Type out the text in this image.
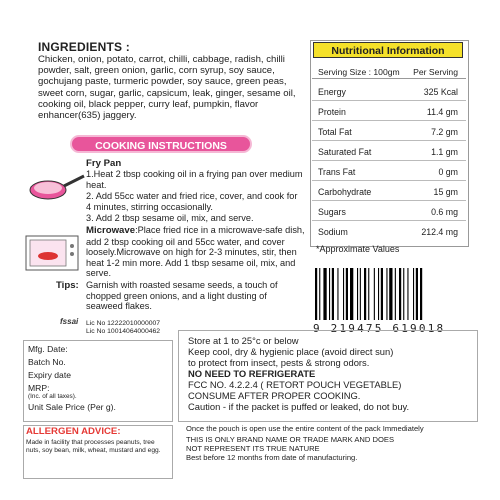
INGREDIENTS :
Chicken, onion, potato, carrot, chilli, cabbage, radish, chilli powder, salt, green onion, garlic, corn syrup, soy sauce, gochujang paste, turmeric powder, soy sauce, green peas, sweet corn, sugar, garlic, capsicum, leak, ginger, sesame oil, cooking oil, black pepper, curry leaf, pumpkin, flavor enhancer(635) jaggery.
COOKING INSTRUCTIONS
Fry Pan
1.Heat 2 tbsp cooking oil in a frying pan over medium heat.
2. Add 55cc water and fried rice, cover, and cook for 4 minutes, stirring occasionally.
3. Add 2 tbsp sesame oil, mix, and serve.
Microwave:Place fried rice in a microwave-safe dish, add 2 tbsp cooking oil and 55cc water, and cover loosely.Microwave on high for 2-3 minutes, stir, then heat 1-2 min more. Add 1 tbsp sesame oil, mix, and serve.
Tips: Garnish with roasted sesame seeds, a touch of chopped green onions, and a light dusting of seaweed flakes.
Nutritional Information
Serving Size : 100gm Per Serving
Energy	325 Kcal
Protein	11.4 gm
Total Fat	7.2 gm
Saturated Fat	1.1 gm
Trans Fat	0 gm
Carbohydrate	15 gm
Sugars	0.6 mg
Sodium	212.4 mg
*Approximate Values
9 219475 619018
fssai Lic No 12222010000007
Lic No 10014064000462
Mfg. Date:
Batch No.
Expiry date
MRP:
(Inc. of all taxes).
Unit Sale Price (Per g).
Store at 1 to 25°c or below
Keep cool, dry & hygienic place (avoid direct sun)
to protect from insect, pests & strong odors.
NO NEED TO REFRIGERATE
FCC NO. 4.2.2.4 ( RETORT POUCH VEGETABLE)
CONSUME AFTER PROPER COOKING.
Caution - if the packet is puffed or leaked, do not buy.
ALLERGEN ADVICE:
Made in facility that processes peanuts, tree nuts, soy bean, milk, wheat, mustard and egg.
Once the pouch is open use the entire content of the pack Immediately
THIS IS ONLY BRAND NAME OR TRADE MARK AND DOES
NOT REPRESENT ITS TRUE NATURE
Best before 12 months from date of manufacturing.
